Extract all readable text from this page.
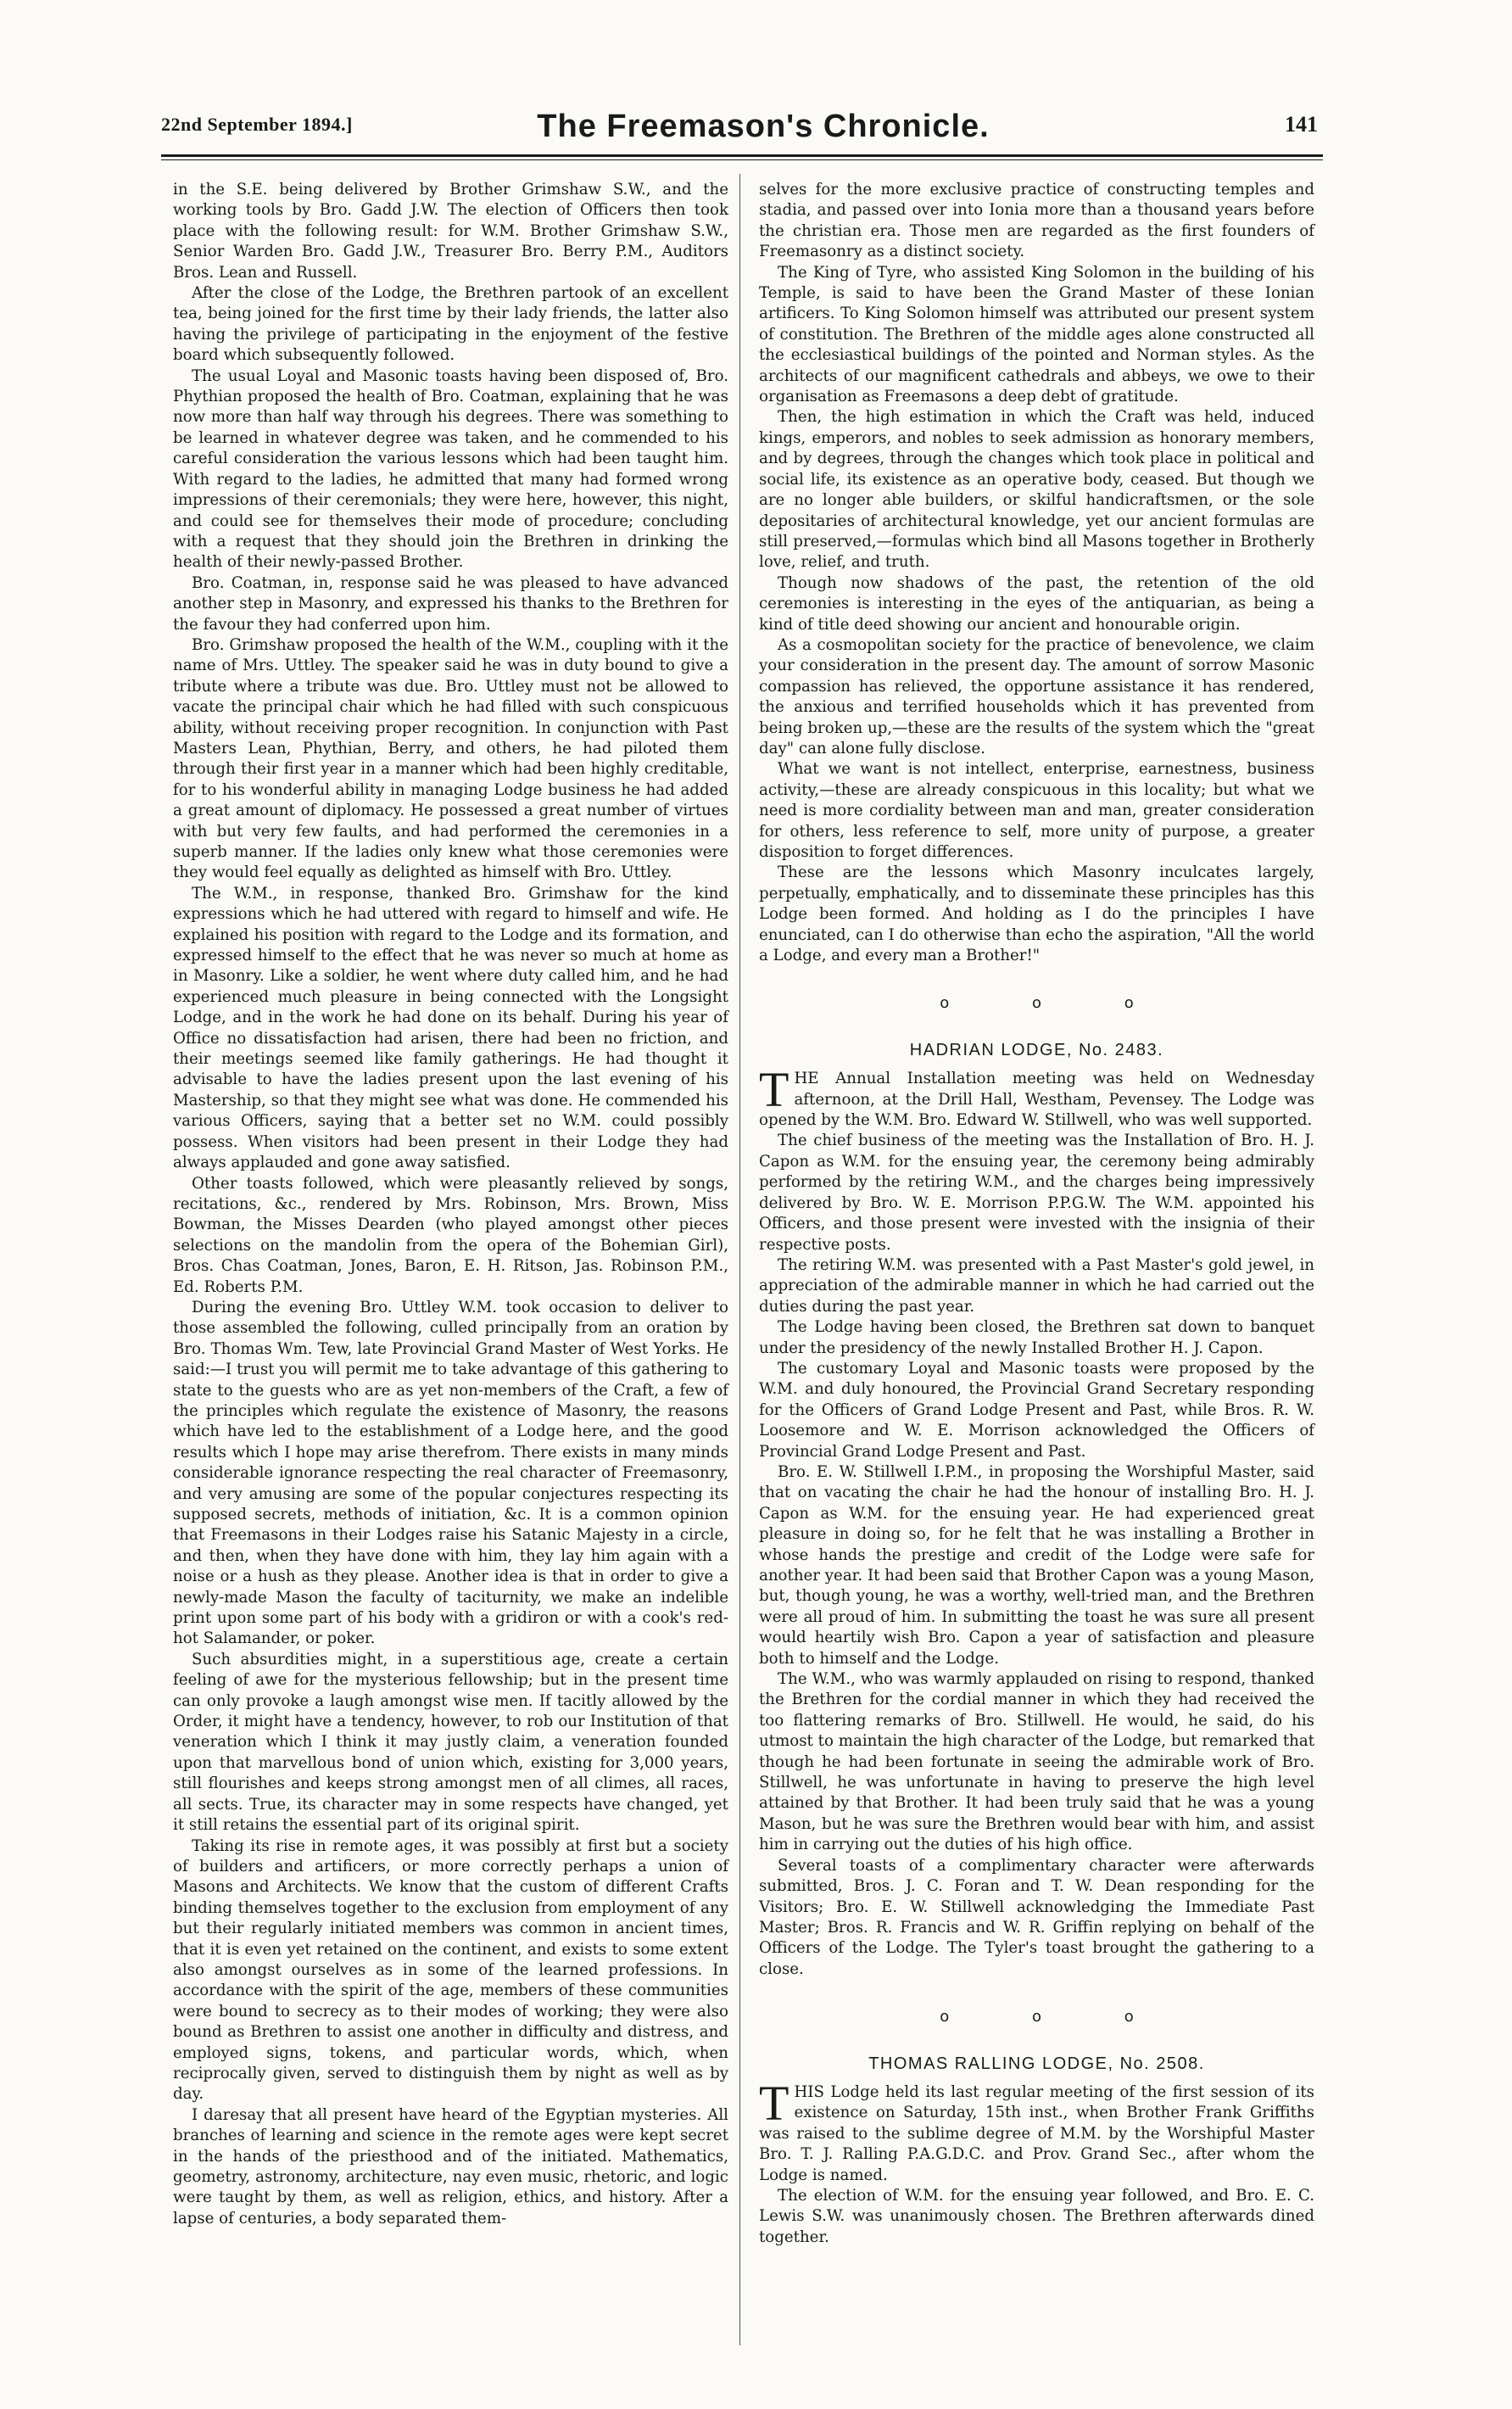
22nd September 1894.]	The Freemason's Chronicle.	141

in the S.E. being delivered by Brother Grimshaw S.W., and the working tools by Bro. Gadd J.W. The election of Officers then took place with the following result: for W.M. Brother Grimshaw S.W., Senior Warden Bro. Gadd J.W., Treasurer Bro. Berry P.M., Auditors Bros. Lean and Russell.

After the close of the Lodge, the Brethren partook of an excellent tea, being joined for the first time by their lady friends, the latter also having the privilege of participating in the enjoyment of the festive board which subsequently followed.

The usual Loyal and Masonic toasts having been disposed of, Bro. Phythian proposed the health of Bro. Coatman, explaining that he was now more than half way through his degrees. There was something to be learned in whatever degree was taken, and he commended to his careful consideration the various lessons which had been taught him. With regard to the ladies, he admitted that many had formed wrong impressions of their ceremonials; they were here, however, this night, and could see for themselves their mode of procedure; concluding with a request that they should join the Brethren in drinking the health of their newly-passed Brother.

Bro. Coatman, in, response said he was pleased to have advanced another step in Masonry, and expressed his thanks to the Brethren for the favour they had conferred upon him.

Bro. Grimshaw proposed the health of the W.M., coupling with it the name of Mrs. Uttley. The speaker said he was in duty bound to give a tribute where a tribute was due. Bro. Uttley must not be allowed to vacate the principal chair which he had filled with such conspicuous ability, without receiving proper recognition. In conjunction with Past Masters Lean, Phythian, Berry, and others, he had piloted them through their first year in a manner which had been highly creditable, for to his wonderful ability in managing Lodge business he had added a great amount of diplomacy. He possessed a great number of virtues with but very few faults, and had performed the ceremonies in a superb manner. If the ladies only knew what those ceremonies were they would feel equally as delighted as himself with Bro. Uttley.

The W.M., in response, thanked Bro. Grimshaw for the kind expressions which he had uttered with regard to himself and wife. He explained his position with regard to the Lodge and its formation, and expressed himself to the effect that he was never so much at home as in Masonry. Like a soldier, he went where duty called him, and he had experienced much pleasure in being connected with the Longsight Lodge, and in the work he had done on its behalf. During his year of Office no dissatisfaction had arisen, there had been no friction, and their meetings seemed like family gatherings. He had thought it advisable to have the ladies present upon the last evening of his Mastership, so that they might see what was done. He commended his various Officers, saying that a better set no W.M. could possibly possess. When visitors had been present in their Lodge they had always applauded and gone away satisfied.

Other toasts followed, which were pleasantly relieved by songs, recitations, &c., rendered by Mrs. Robinson, Mrs. Brown, Miss Bowman, the Misses Dearden (who played amongst other pieces selections on the mandolin from the opera of the Bohemian Girl), Bros. Chas Coatman, Jones, Baron, E. H. Ritson, Jas. Robinson P.M., Ed. Roberts P.M.

During the evening Bro. Uttley W.M. took occasion to deliver to those assembled the following, culled principally from an oration by Bro. Thomas Wm. Tew, late Provincial Grand Master of West Yorks. He said:—I trust you will permit me to take advantage of this gathering to state to the guests who are as yet non-members of the Craft, a few of the principles which regulate the existence of Masonry, the reasons which have led to the establishment of a Lodge here, and the good results which I hope may arise therefrom. There exists in many minds considerable ignorance respecting the real character of Freemasonry, and very amusing are some of the popular conjectures respecting its supposed secrets, methods of initiation, &c. It is a common opinion that Freemasons in their Lodges raise his Satanic Majesty in a circle, and then, when they have done with him, they lay him again with a noise or a hush as they please. Another idea is that in order to give a newly-made Mason the faculty of taciturnity, we make an indelible print upon some part of his body with a gridiron or with a cook's red-hot Salamander, or poker.

Such absurdities might, in a superstitious age, create a certain feeling of awe for the mysterious fellowship; but in the present time can only provoke a laugh amongst wise men. If tacitly allowed by the Order, it might have a tendency, however, to rob our Institution of that veneration which I think it may justly claim, a veneration founded upon that marvellous bond of union which, existing for 3,000 years, still flourishes and keeps strong amongst men of all climes, all races, all sects. True, its character may in some respects have changed, yet it still retains the essential part of its original spirit.

Taking its rise in remote ages, it was possibly at first but a society of builders and artificers, or more correctly perhaps a union of Masons and Architects. We know that the custom of different Crafts binding themselves together to the exclusion from employment of any but their regularly initiated members was common in ancient times, that it is even yet retained on the continent, and exists to some extent also amongst ourselves as in some of the learned professions. In accordance with the spirit of the age, members of these communities were bound to secrecy as to their modes of working; they were also bound as Brethren to assist one another in difficulty and distress, and employed signs, tokens, and particular words, which, when reciprocally given, served to distinguish them by night as well as by day.

I daresay that all present have heard of the Egyptian mysteries. All branches of learning and science in the remote ages were kept secret in the hands of the priesthood and of the initiated. Mathematics, geometry, astronomy, architecture, nay even music, rhetoric, and logic were taught by them, as well as religion, ethics, and history. After a lapse of centuries, a body separated them-

selves for the more exclusive practice of constructing temples and stadia, and passed over into Ionia more than a thousand years before the christian era. Those men are regarded as the first founders of Freemasonry as a distinct society.

The King of Tyre, who assisted King Solomon in the building of his Temple, is said to have been the Grand Master of these Ionian artificers. To King Solomon himself was attributed our present system of constitution. The Brethren of the middle ages alone constructed all the ecclesiastical buildings of the pointed and Norman styles. As the architects of our magnificent cathedrals and abbeys, we owe to their organisation as Freemasons a deep debt of gratitude.

Then, the high estimation in which the Craft was held, induced kings, emperors, and nobles to seek admission as honorary members, and by degrees, through the changes which took place in political and social life, its existence as an operative body, ceased. But though we are no longer able builders, or skilful handicraftsmen, or the sole depositaries of architectural knowledge, yet our ancient formulas are still preserved,—formulas which bind all Masons together in Brotherly love, relief, and truth.

Though now shadows of the past, the retention of the old ceremonies is interesting in the eyes of the antiquarian, as being a kind of title deed showing our ancient and honourable origin.

As a cosmopolitan society for the practice of benevolence, we claim your consideration in the present day. The amount of sorrow Masonic compassion has relieved, the opportune assistance it has rendered, the anxious and terrified households which it has prevented from being broken up,—these are the results of the system which the "great day" can alone fully disclose.

What we want is not intellect, enterprise, earnestness, business activity,—these are already conspicuous in this locality; but what we need is more cordiality between man and man, greater consideration for others, less reference to self, more unity of purpose, a greater disposition to forget differences.

These are the lessons which Masonry inculcates largely, perpetually, emphatically, and to disseminate these principles has this Lodge been formed. And holding as I do the principles I have enunciated, can I do otherwise than echo the aspiration, "All the world a Lodge, and every man a Brother!"

o o o
HADRIAN LODGE, No. 2483.

THE Annual Installation meeting was held on Wednesday afternoon, at the Drill Hall, Westham, Pevensey. The Lodge was opened by the W.M. Bro. Edward W. Stillwell, who was well supported.

The chief business of the meeting was the Installation of Bro. H. J. Capon as W.M. for the ensuing year, the ceremony being admirably performed by the retiring W.M., and the charges being impressively delivered by Bro. W. E. Morrison P.P.G.W. The W.M. appointed his Officers, and those present were invested with the insignia of their respective posts.

The retiring W.M. was presented with a Past Master's gold jewel, in appreciation of the admirable manner in which he had carried out the duties during the past year.

The Lodge having been closed, the Brethren sat down to banquet under the presidency of the newly Installed Brother H. J. Capon.

The customary Loyal and Masonic toasts were proposed by the W.M. and duly honoured, the Provincial Grand Secretary responding for the Officers of Grand Lodge Present and Past, while Bros. R. W. Loosemore and W. E. Morrison acknowledged the Officers of Provincial Grand Lodge Present and Past.

Bro. E. W. Stillwell I.P.M., in proposing the Worshipful Master, said that on vacating the chair he had the honour of installing Bro. H. J. Capon as W.M. for the ensuing year. He had experienced great pleasure in doing so, for he felt that he was installing a Brother in whose hands the prestige and credit of the Lodge were safe for another year. It had been said that Brother Capon was a young Mason, but, though young, he was a worthy, well-tried man, and the Brethren were all proud of him. In submitting the toast he was sure all present would heartily wish Bro. Capon a year of satisfaction and pleasure both to himself and the Lodge.

The W.M., who was warmly applauded on rising to respond, thanked the Brethren for the cordial manner in which they had received the too flattering remarks of Bro. Stillwell. He would, he said, do his utmost to maintain the high character of the Lodge, but remarked that though he had been fortunate in seeing the admirable work of Bro. Stillwell, he was unfortunate in having to preserve the high level attained by that Brother. It had been truly said that he was a young Mason, but he was sure the Brethren would bear with him, and assist him in carrying out the duties of his high office.

Several toasts of a complimentary character were afterwards submitted, Bros. J. C. Foran and T. W. Dean responding for the Visitors; Bro. E. W. Stillwell acknowledging the Immediate Past Master; Bros. R. Francis and W. R. Griffin replying on behalf of the Officers of the Lodge. The Tyler's toast brought the gathering to a close.

o o o
THOMAS RALLING LODGE, No. 2508.

THIS Lodge held its last regular meeting of the first session of its existence on Saturday, 15th inst., when Brother Frank Griffiths was raised to the sublime degree of M.M. by the Worshipful Master Bro. T. J. Ralling P.A.G.D.C. and Prov. Grand Sec., after whom the Lodge is named.

The election of W.M. for the ensuing year followed, and Bro. E. C. Lewis S.W. was unanimously chosen. The Brethren afterwards dined together.
